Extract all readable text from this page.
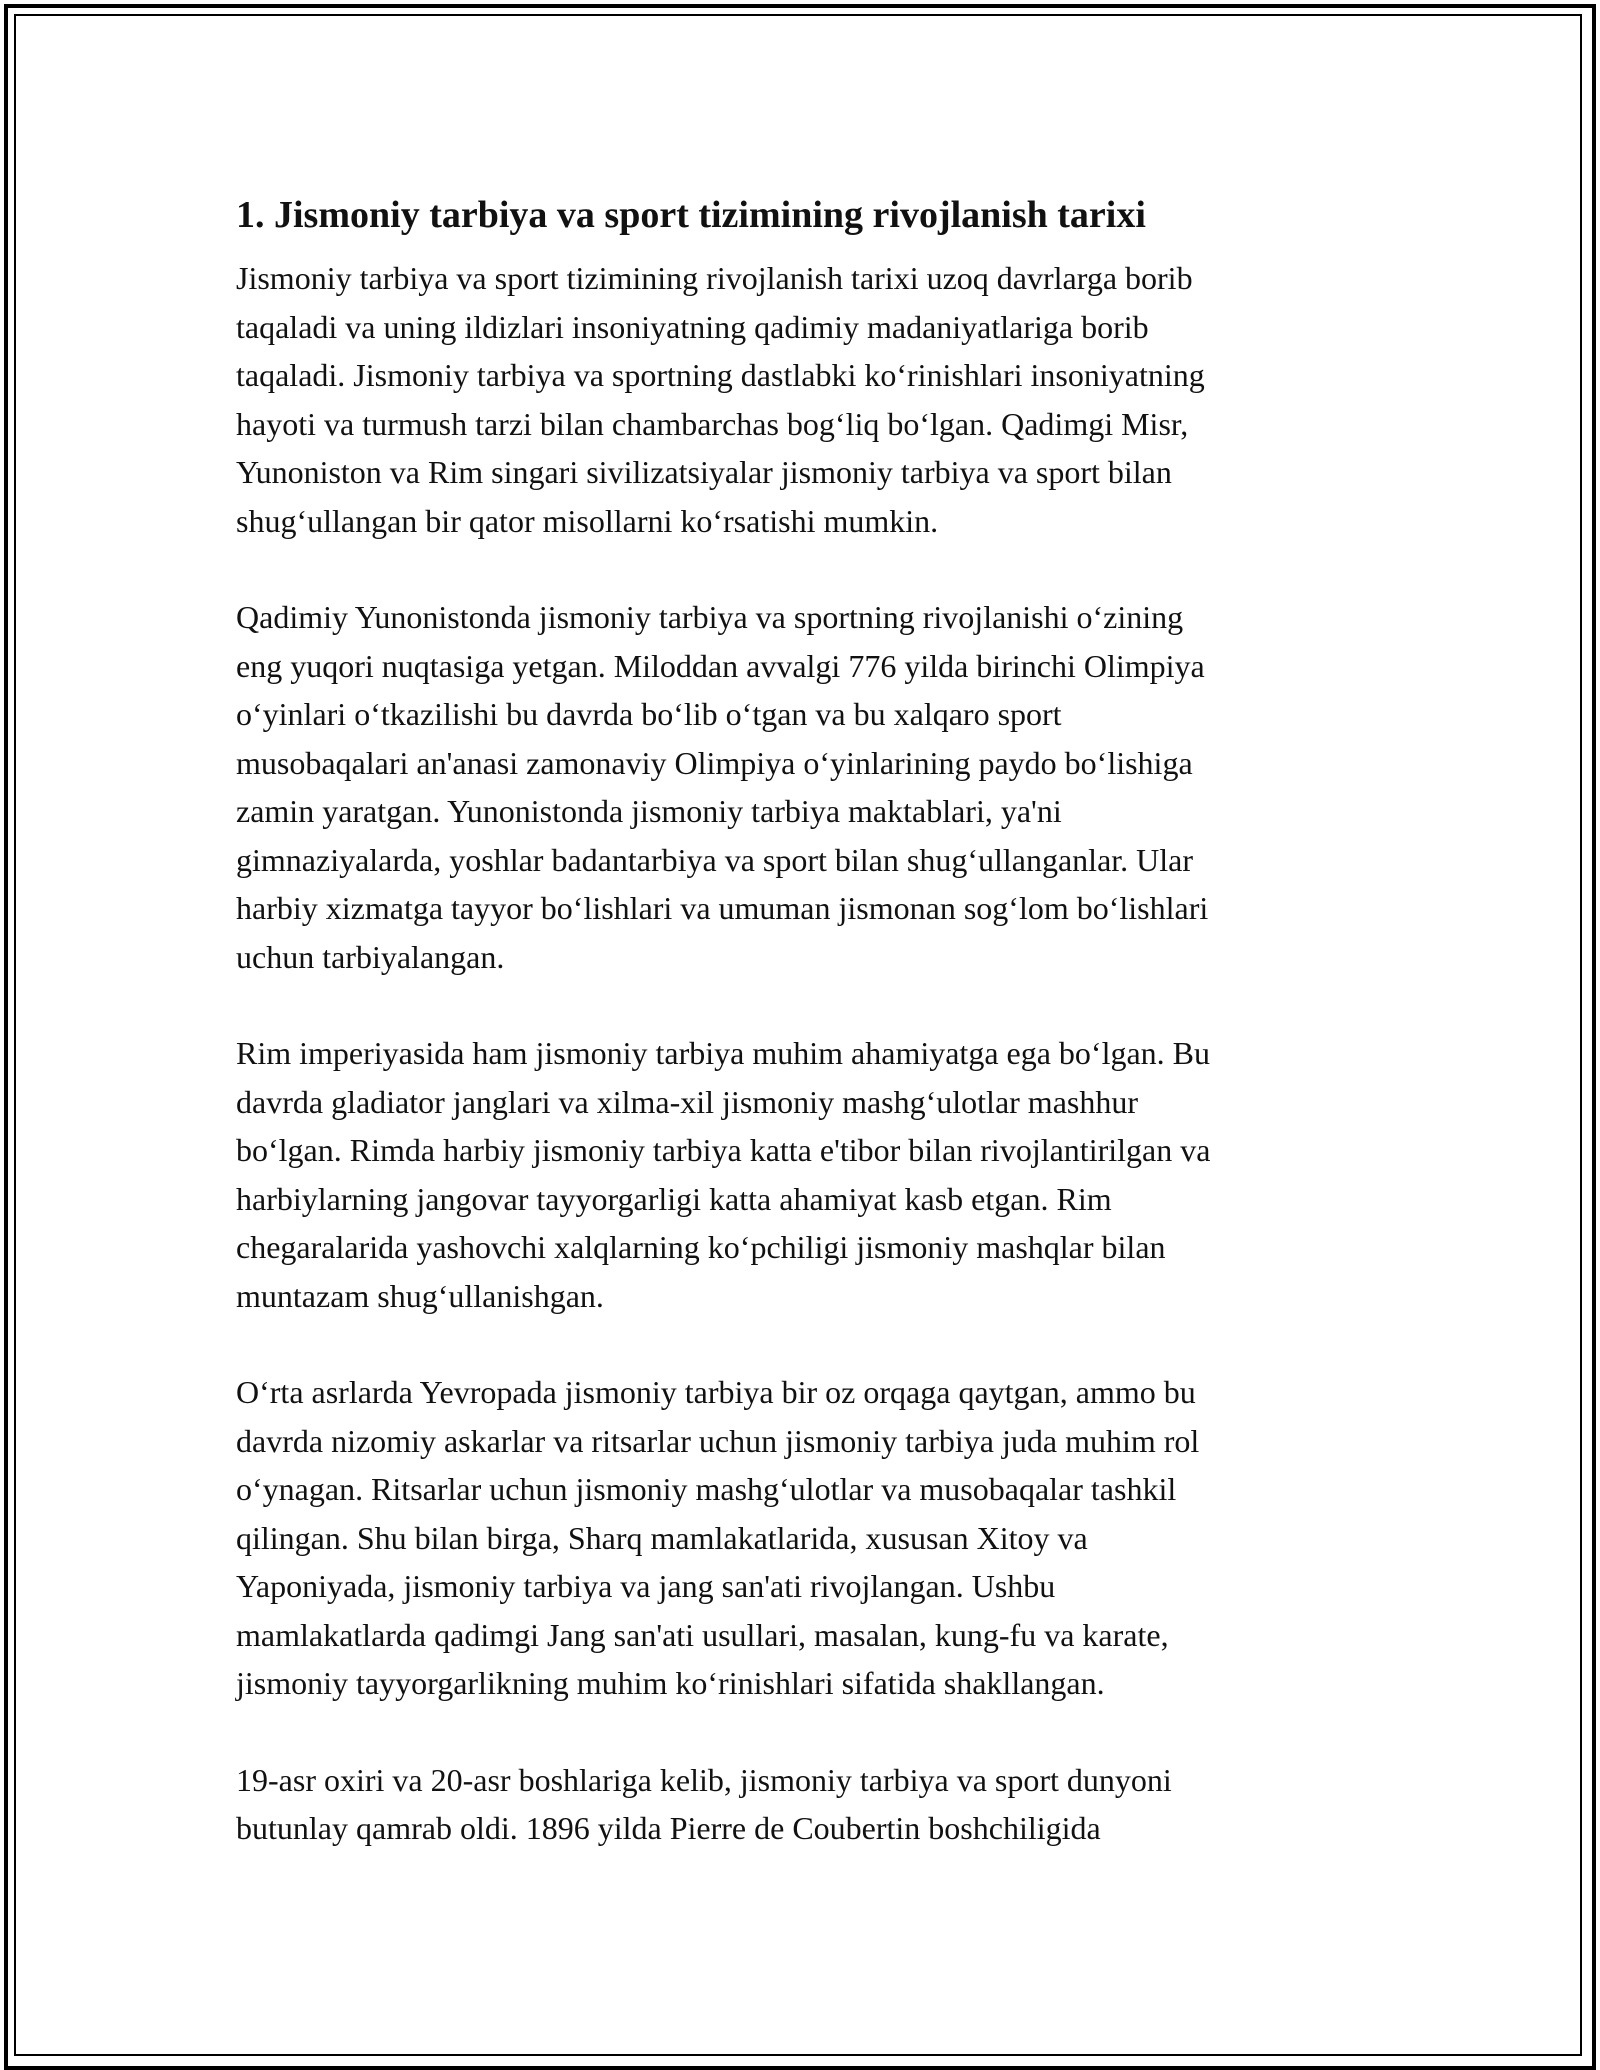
1. Jismoniy tarbiya va sport tizimining rivojlanish tarixi

Jismoniy tarbiya va sport tizimining rivojlanish tarixi uzoq davrlarga borib
taqaladi va uning ildizlari insoniyatning qadimiy madaniyatlariga borib
taqaladi. Jismoniy tarbiya va sportning dastlabki ko‘rinishlari insoniyatning
hayoti va turmush tarzi bilan chambarchas bog‘liq bo‘lgan. Qadimgi Misr,
Yunoniston va Rim singari sivilizatsiyalar jismoniy tarbiya va sport bilan
shug‘ullangan bir qator misollarni ko‘rsatishi mumkin.

Qadimiy Yunonistonda jismoniy tarbiya va sportning rivojlanishi o‘zining
eng yuqori nuqtasiga yetgan. Miloddan avvalgi 776 yilda birinchi Olimpiya
o‘yinlari o‘tkazilishi bu davrda bo‘lib o‘tgan va bu xalqaro sport
musobaqalari an'anasi zamonaviy Olimpiya o‘yinlarining paydo bo‘lishiga
zamin yaratgan. Yunonistonda jismoniy tarbiya maktablari, ya'ni
gimnaziyalarda, yoshlar badantarbiya va sport bilan shug‘ullanganlar. Ular
harbiy xizmatga tayyor bo‘lishlari va umuman jismonan sog‘lom bo‘lishlari
uchun tarbiyalangan.

Rim imperiyasida ham jismoniy tarbiya muhim ahamiyatga ega bo‘lgan. Bu
davrda gladiator janglari va xilma-xil jismoniy mashg‘ulotlar mashhur
bo‘lgan. Rimda harbiy jismoniy tarbiya katta e'tibor bilan rivojlantirilgan va
harbiylarning jangovar tayyorgarligi katta ahamiyat kasb etgan. Rim
chegaralarida yashovchi xalqlarning ko‘pchiligi jismoniy mashqlar bilan
muntazam shug‘ullanishgan.

O‘rta asrlarda Yevropada jismoniy tarbiya bir oz orqaga qaytgan, ammo bu
davrda nizomiy askarlar va ritsarlar uchun jismoniy tarbiya juda muhim rol
o‘ynagan. Ritsarlar uchun jismoniy mashg‘ulotlar va musobaqalar tashkil
qilingan. Shu bilan birga, Sharq mamlakatlarida, xususan Xitoy va
Yaponiyada, jismoniy tarbiya va jang san'ati rivojlangan. Ushbu
mamlakatlarda qadimgi Jang san'ati usullari, masalan, kung-fu va karate,
jismoniy tayyorgarlikning muhim ko‘rinishlari sifatida shakllangan.

19-asr oxiri va 20-asr boshlariga kelib, jismoniy tarbiya va sport dunyoni
butunlay qamrab oldi. 1896 yilda Pierre de Coubertin boshchiligida
